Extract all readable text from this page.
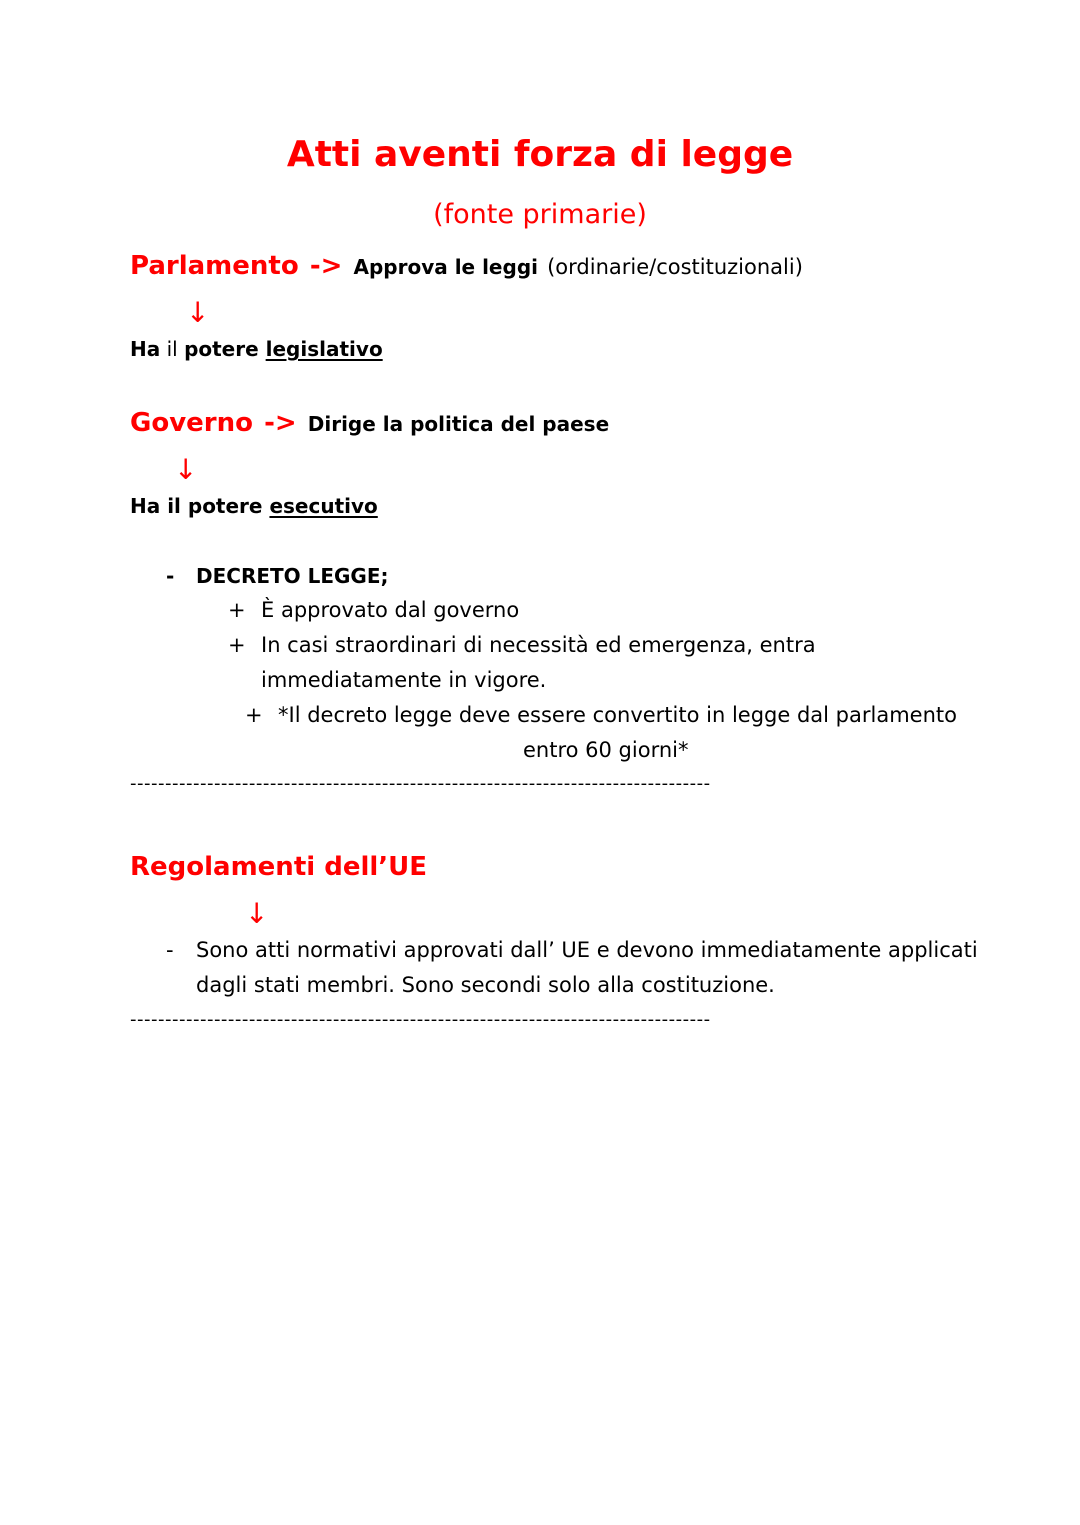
Atti aventi forza di legge
(fonte primarie)
Parlamento -> Approva le leggi (ordinarie/costituzionali)
↓
Ha il potere legislativo
Governo -> Dirige la politica del paese
↓
Ha il potere esecutivo
- DECRETO LEGGE;
+ È approvato dal governo
+ In casi straordinari di necessità ed emergenza, entra
immediatamente in vigore.
+ *Il decreto legge deve essere convertito in legge dal parlamento
entro 60 giorni*
-----------------------------------------------------------------------------------
Regolamenti dell’UE
↓
- Sono atti normativi approvati dall’ UE e devono immediatamente applicati
dagli stati membri. Sono secondi solo alla costituzione.
-----------------------------------------------------------------------------------
